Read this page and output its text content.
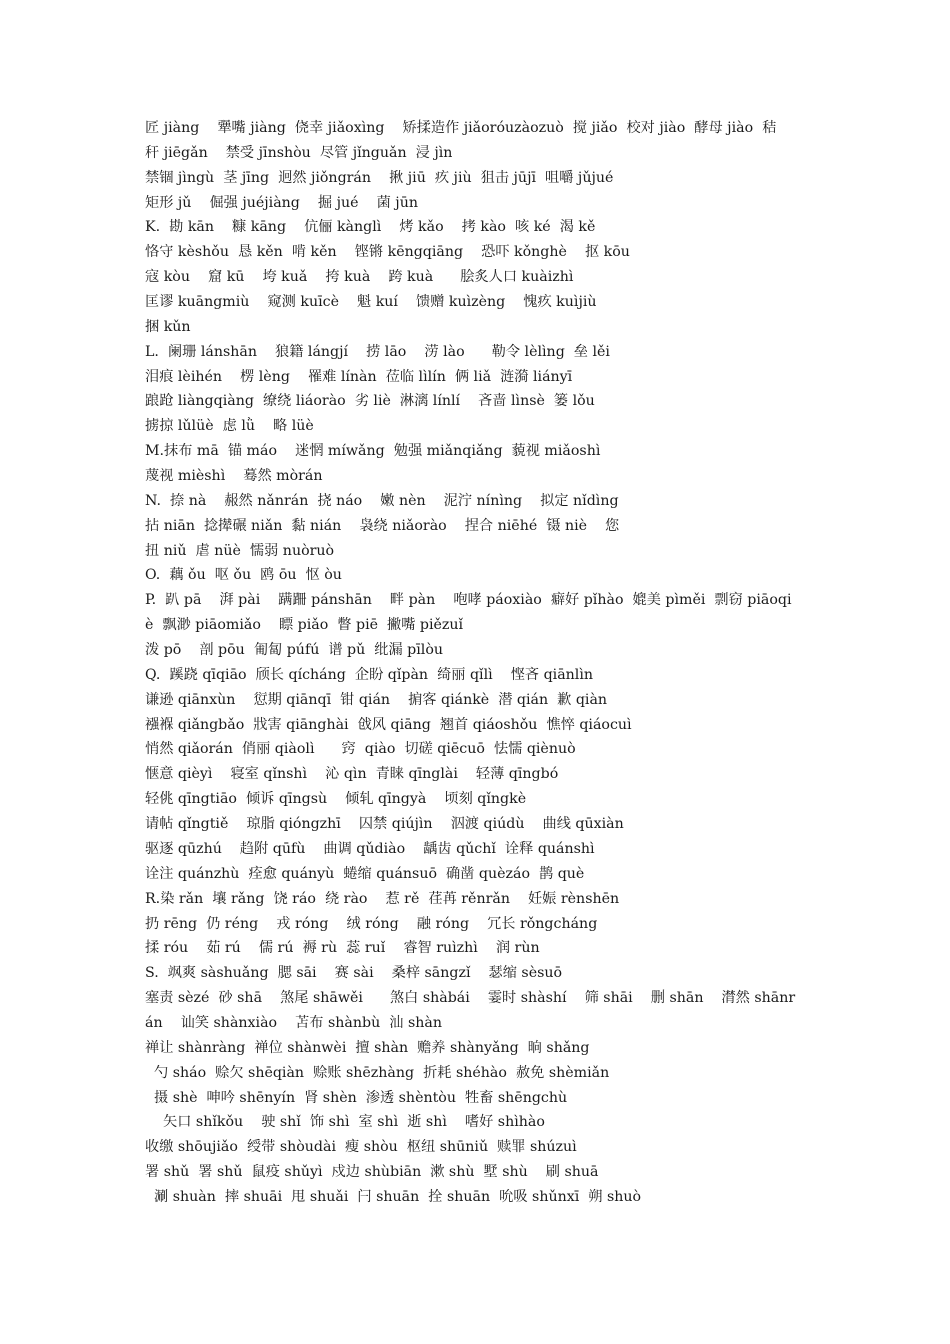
匠 jiàng    犟嘴 jiàng  侥幸 jiǎoxìng    矫揉造作 jiǎoróuzàozuò  搅 jiǎo  校对 jiào  酵母 jiào  秸
秆 jiēgǎn    禁受 jīnshòu  尽管 jǐnguǎn  浸 jìn
禁锢 jìngù  茎 jīng  迥然 jiǒngrán    揪 jiū  疚 jiù  狙击 jūjī  咀嚼 jǔjué
矩形 jǔ    倔强 juéjiàng    掘 jué    菌 jūn
K.  勘 kān    糠 kāng    伉俪 kànglì    烤 kǎo    拷 kào  咳 ké  渴 kě
恪守 kèshǒu  恳 kěn  啃 kěn    铿锵 kēngqiāng    恐吓 kǒnghè    抠 kōu
寇 kòu    窟 kū    垮 kuǎ    挎 kuà    跨 kuà      脍炙人口 kuàizhì
匡谬 kuāngmiù    窥测 kuīcè    魁 kuí    馈赠 kuìzèng    愧疚 kuìjiù
捆 kǔn
L.  阑珊 lánshān    狼籍 lángjí    捞 lāo    涝 lào      勒令 lèlìng  垒 lěi
泪痕 lèihén    楞 lèng    罹难 línàn  莅临 lìlín  俩 liǎ  涟漪 liányī
踉跄 liàngqiàng  缭绕 liáorào  劣 liè  淋漓 línlí    吝啬 lìnsè  篓 lǒu
掳掠 lǔlüè  虑 lǜ    略 lüè
M.抹布 mā  锚 máo    迷惘 míwǎng  勉强 miǎnqiǎng  藐视 miǎoshì
蔑视 mièshì    蓦然 mòrán
N.  捺 nà    赧然 nǎnrán  挠 náo    嫩 nèn    泥泞 nínìng    拟定 nǐdìng
拈 niān  捻撵碾 niǎn  黏 nián    袅绕 niǎorào    捏合 niēhé  镊 niè    您
扭 niǔ  虐 nüè  懦弱 nuòruò
O.  藕 ǒu  呕 ǒu  鸥 ōu  怄 òu
P.  趴 pā    湃 pài    蹒跚 pánshān    畔 pàn    咆哮 páoxiào  癖好 pǐhào  媲美 pìměi  剽窃 piāoqi
è  飘渺 piāomiǎo    瞟 piǎo  瞥 piē  撇嘴 piězuǐ
泼 pō    剖 pōu  匍匐 púfú  谱 pǔ  纰漏 pīlòu
Q.  蹊跷 qīqiāo  颀长 qícháng  企盼 qǐpàn  绮丽 qǐlì    悭吝 qiānlìn
谦逊 qiānxùn    愆期 qiānqī  钳 qián    掮客 qiánkè  潜 qián  歉 qiàn
襁褓 qiǎngbǎo  戕害 qiānghài  戗风 qiāng  翘首 qiáoshǒu  憔悴 qiáocuì
悄然 qiǎorán  俏丽 qiàolì      窍  qiào  切磋 qiēcuō  怯懦 qiènuò
惬意 qièyì    寝室 qǐnshì    沁 qìn  青睐 qīnglài    轻薄 qīngbó
轻佻 qīngtiāo  倾诉 qīngsù    倾轧 qīngyà    顷刻 qǐngkè
请帖 qǐngtiě    琼脂 qióngzhī    囚禁 qiújìn    泅渡 qiúdù    曲线 qūxiàn
驱逐 qūzhú    趋附 qūfù    曲调 qǔdiào    龋齿 qǔchǐ  诠释 quánshì
诠注 quánzhù  痊愈 quányù  蜷缩 quánsuō  确凿 quèzáo  鹊 què
R.染 rǎn  壤 rǎng  饶 ráo  绕 rào    惹 rě  荏苒 rěnrǎn    妊娠 rènshēn
扔 rēng  仍 réng    戎 róng    绒 róng    融 róng    冗长 rǒngcháng
揉 róu    茹 rú    儒 rú  褥 rù  蕊 ruǐ    睿智 ruìzhì    润 rùn
S.  飒爽 sàshuǎng  腮 sāi    赛 sài    桑梓 sāngzǐ    瑟缩 sèsuō
塞责 sèzé  砂 shā    煞尾 shāwěi      煞白 shàbái    霎时 shàshí    筛 shāi    删 shān    潸然 shānr
án    讪笑 shànxiào    苫布 shànbù  汕 shàn
禅让 shànràng  禅位 shànwèi  擅 shàn  赡养 shànyǎng  晌 shǎng
勺 sháo  赊欠 shēqiàn  赊账 shēzhàng  折耗 shéhào  赦免 shèmiǎn
摄 shè  呻吟 shēnyín  肾 shèn  渗透 shèntòu  牲畜 shēngchù
矢口 shǐkǒu    驶 shǐ  饰 shì  室 shì  逝 shì    嗜好 shìhào
收缴 shōujiǎo  绶带 shòudài  瘦 shòu  枢纽 shūniǔ  赎罪 shúzuì
署 shǔ  署 shǔ  鼠疫 shǔyì  戍边 shùbiān  漱 shù  墅 shù    刷 shuā
涮 shuàn  摔 shuāi  甩 shuǎi  闩 shuān  拴 shuān  吮吸 shǔnxī  朔 shuò
